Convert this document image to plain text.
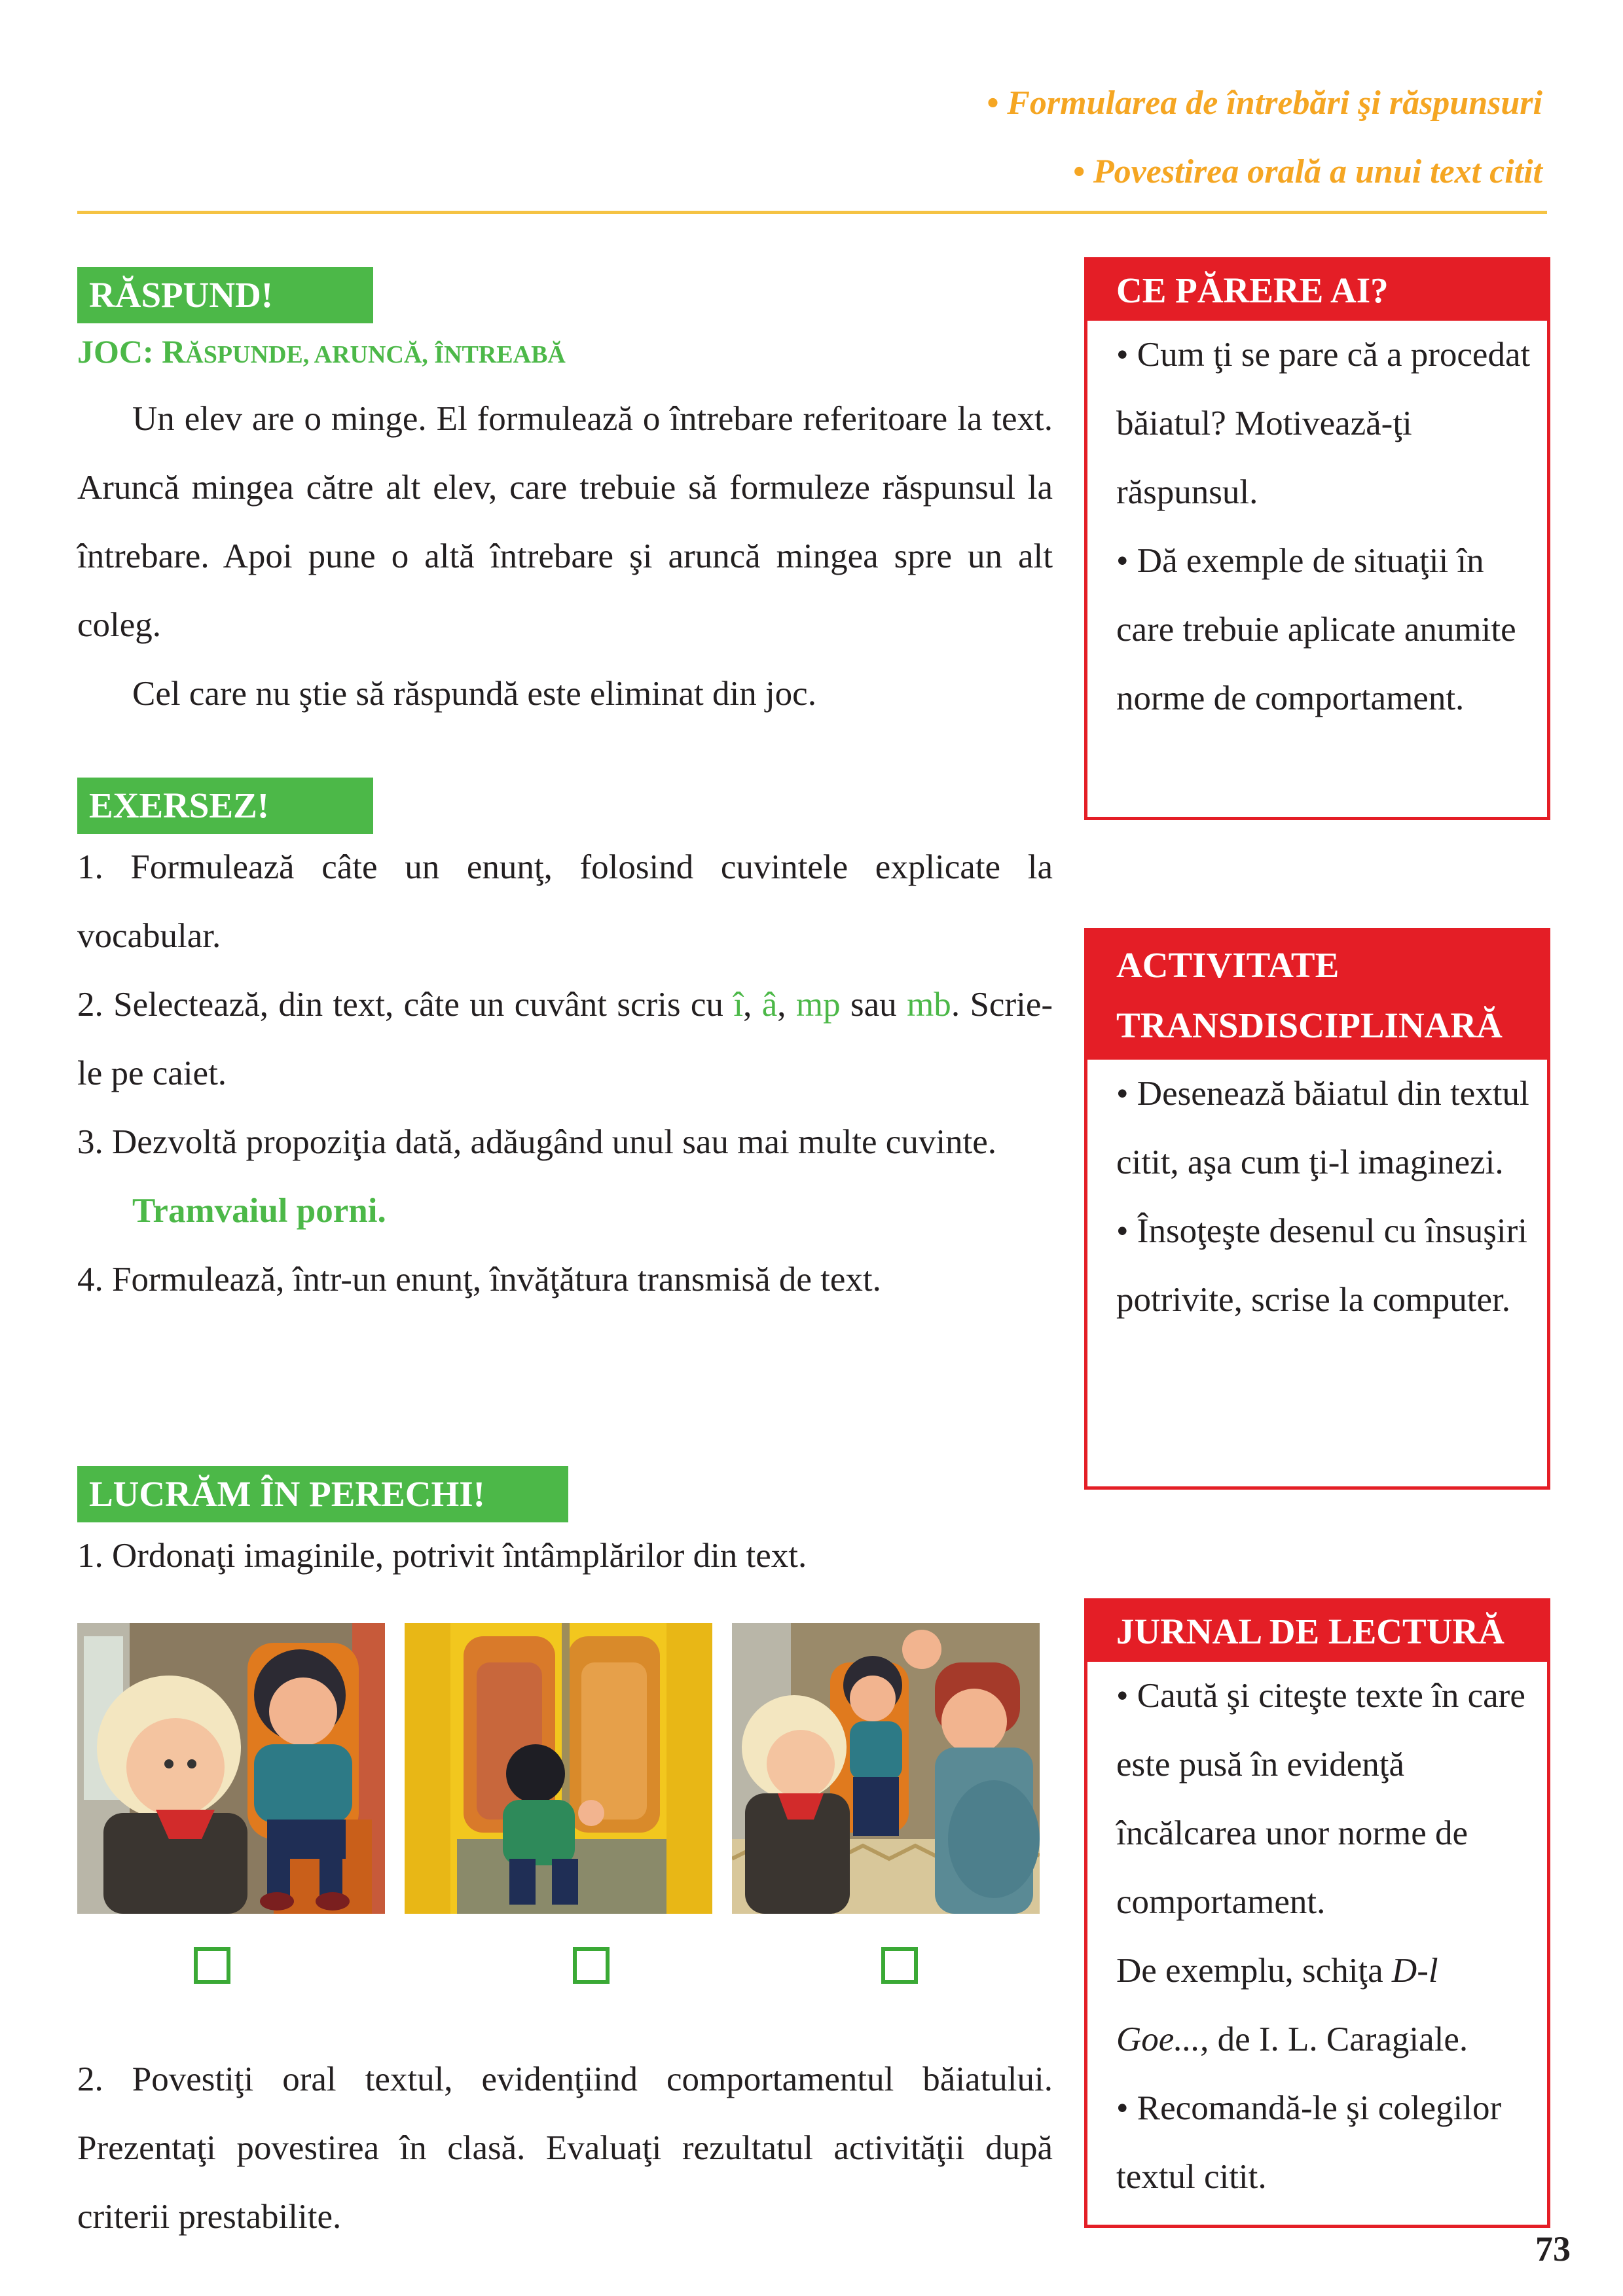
• Formularea de întrebări şi răspunsuri
• Povestirea orală a unui text citit
RĂSPUND!
JOC: RĂSPUNDE, ARUNCĂ, ÎNTREABĂ

Un elev are o minge. El formulează o întrebare referitoare la text. Aruncă mingea către alt elev, care trebuie să formuleze răspunsul la întrebare. Apoi pune o altă întrebare şi aruncă mingea spre un alt coleg.

Cel care nu ştie să răspundă este eliminat din joc.

EXERSEZ!

1. Formulează câte un enunţ, folosind cuvintele explicate la vocabular.

2. Selectează, din text, câte un cuvânt scris cu î, â, mp sau mb. Scrie-le pe caiet.

3. Dezvoltă propoziţia dată, adăugând unul sau mai multe cuvinte.

Tramvaiul porni.

4. Formulează, într-un enunţ, învăţătura transmisă de text.

LUCRĂM ÎN PERECHI!
1. Ordonaţi imaginile, potrivit întâmplărilor din text.

2. Povestiţi oral textul, evidenţiind comportamentul băiatului. Prezentaţi povestirea în clasă. Evaluaţi rezultatul activităţii după criterii prestabilite.

CE PĂRERE AI?

• Cum ţi se pare că a procedat băiatul? Motivează-ţi răspunsul.

• Dă exemple de situaţii în care trebuie aplicate anumite norme de comportament.

ACTIVITATE
TRANSDISCIPLINARĂ

• Desenează băiatul din textul citit, aşa cum ţi-l imaginezi.

• Însoţeşte desenul cu însuşiri potrivite, scrise la computer.

JURNAL DE LECTURĂ

• Caută şi citeşte texte în care este pusă în evidenţă încălcarea unor norme de comportament.

De exemplu, schiţa D-l Goe..., de I. L. Caragiale.

• Recomandă-le şi colegilor textul citit.

73
